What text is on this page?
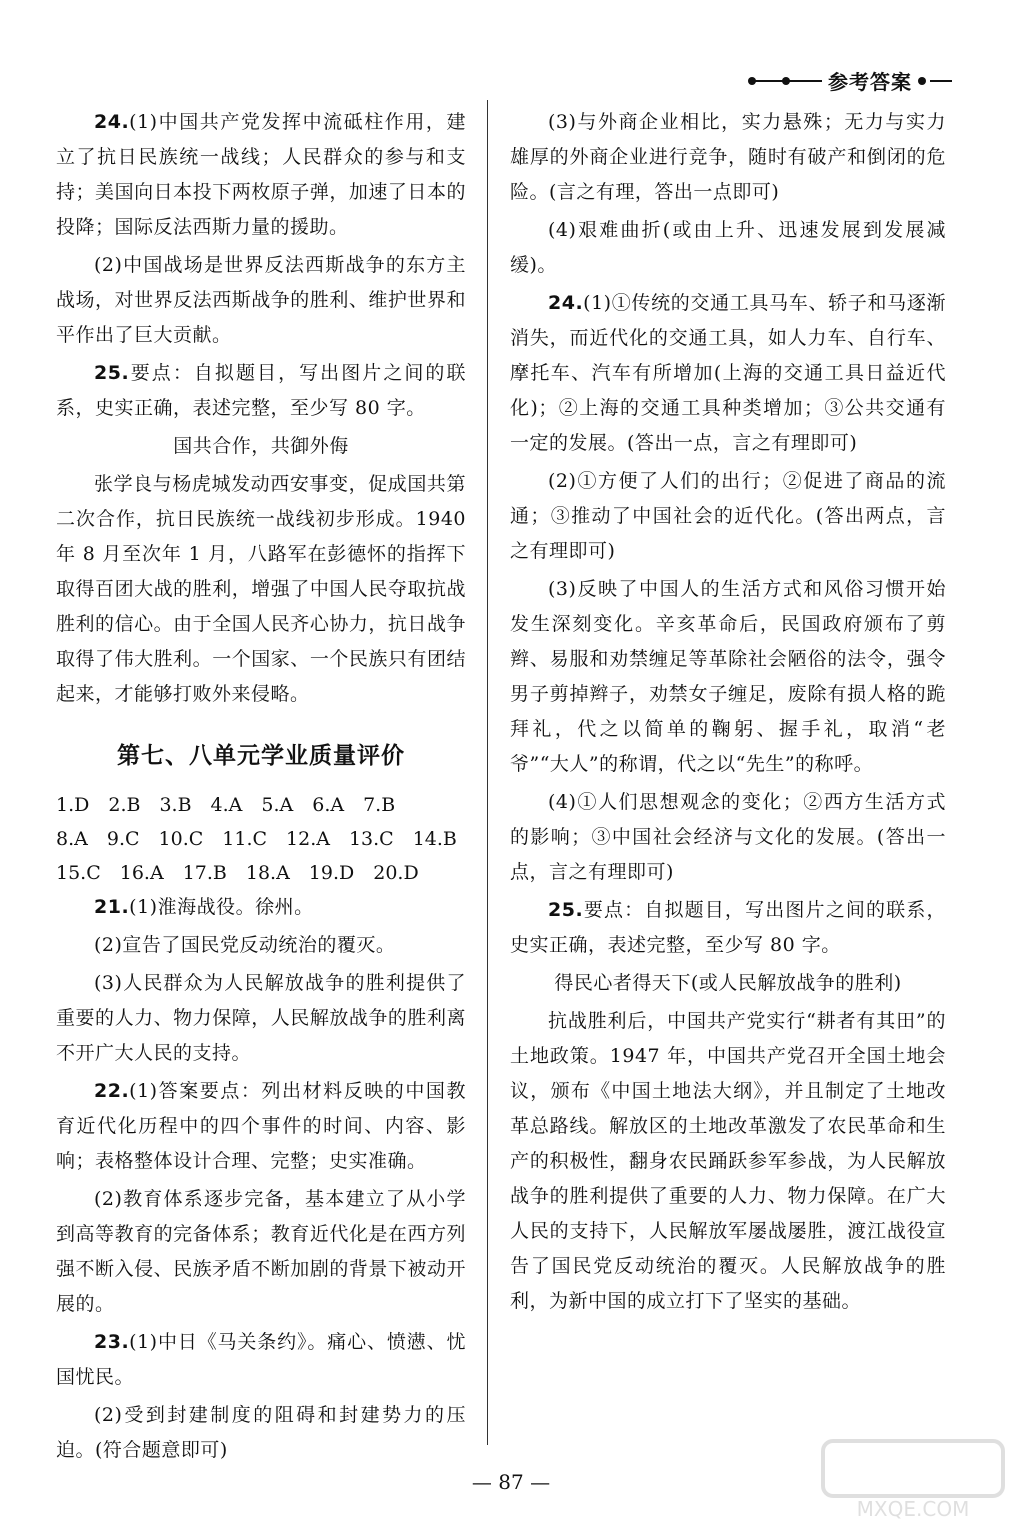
参考答案

24.(1)中国共产党发挥中流砥柱作用，建立了抗日民族统一战线；人民群众的参与和支持；美国向日本投下两枚原子弹，加速了日本的投降；国际反法西斯力量的援助。

(2)中国战场是世界反法西斯战争的东方主战场，对世界反法西斯战争的胜利、维护世界和平作出了巨大贡献。

25.要点：自拟题目，写出图片之间的联系，史实正确，表述完整，至少写 80 字。

国共合作，共御外侮

张学良与杨虎城发动西安事变，促成国共第二次合作，抗日民族统一战线初步形成。1940 年 8 月至次年 1 月，八路军在彭德怀的指挥下取得百团大战的胜利，增强了中国人民夺取抗战胜利的信心。由于全国人民齐心协力，抗日战争取得了伟大胜利。一个国家、一个民族只有团结起来，才能够打败外来侵略。

第七、八单元学业质量评价

1.D　2.B　3.B　4.A　5.A　6.A　7.B

8.A　9.C　10.C　11.C　12.A　13.C　14.B

15.C　16.A　17.B　18.A　19.D　20.D

21.(1)淮海战役。徐州。

(2)宣告了国民党反动统治的覆灭。

(3)人民群众为人民解放战争的胜利提供了重要的人力、物力保障，人民解放战争的胜利离不开广大人民的支持。

22.(1)答案要点：列出材料反映的中国教育近代化历程中的四个事件的时间、内容、影响；表格整体设计合理、完整；史实准确。

(2)教育体系逐步完备，基本建立了从小学到高等教育的完备体系；教育近代化是在西方列强不断入侵、民族矛盾不断加剧的背景下被动开展的。

23.(1)中日《马关条约》。痛心、愤懑、忧国忧民。

(2)受到封建制度的阻碍和封建势力的压迫。(符合题意即可)

(3)与外商企业相比，实力悬殊；无力与实力雄厚的外商企业进行竞争，随时有破产和倒闭的危险。(言之有理，答出一点即可)

(4)艰难曲折(或由上升、迅速发展到发展减缓)。

24.(1)①传统的交通工具马车、轿子和马逐渐消失，而近代化的交通工具，如人力车、自行车、摩托车、汽车有所增加(上海的交通工具日益近代化)；②上海的交通工具种类增加；③公共交通有一定的发展。(答出一点，言之有理即可)

(2)①方便了人们的出行；②促进了商品的流通；③推动了中国社会的近代化。(答出两点，言之有理即可)

(3)反映了中国人的生活方式和风俗习惯开始发生深刻变化。辛亥革命后，民国政府颁布了剪辫、易服和劝禁缠足等革除社会陋俗的法令，强令男子剪掉辫子，劝禁女子缠足，废除有损人格的跪拜礼，代之以简单的鞠躬、握手礼，取消“老爷”“大人”的称谓，代之以“先生”的称呼。

(4)①人们思想观念的变化；②西方生活方式的影响；③中国社会经济与文化的发展。(答出一点，言之有理即可)

25.要点：自拟题目，写出图片之间的联系，史实正确，表述完整，至少写 80 字。

得民心者得天下(或人民解放战争的胜利)

抗战胜利后，中国共产党实行“耕者有其田”的土地政策。1947 年，中国共产党召开全国土地会议，颁布《中国土地法大纲》，并且制定了土地改革总路线。解放区的土地改革激发了农民革命和生产的积极性，翻身农民踊跃参军参战，为人民解放战争的胜利提供了重要的人力、物力保障。在广大人民的支持下，人民解放军屡战屡胜，渡江战役宣告了国民党反动统治的覆灭。人民解放战争的胜利，为新中国的成立打下了坚实的基础。

— 87 —
MXQE.COM
